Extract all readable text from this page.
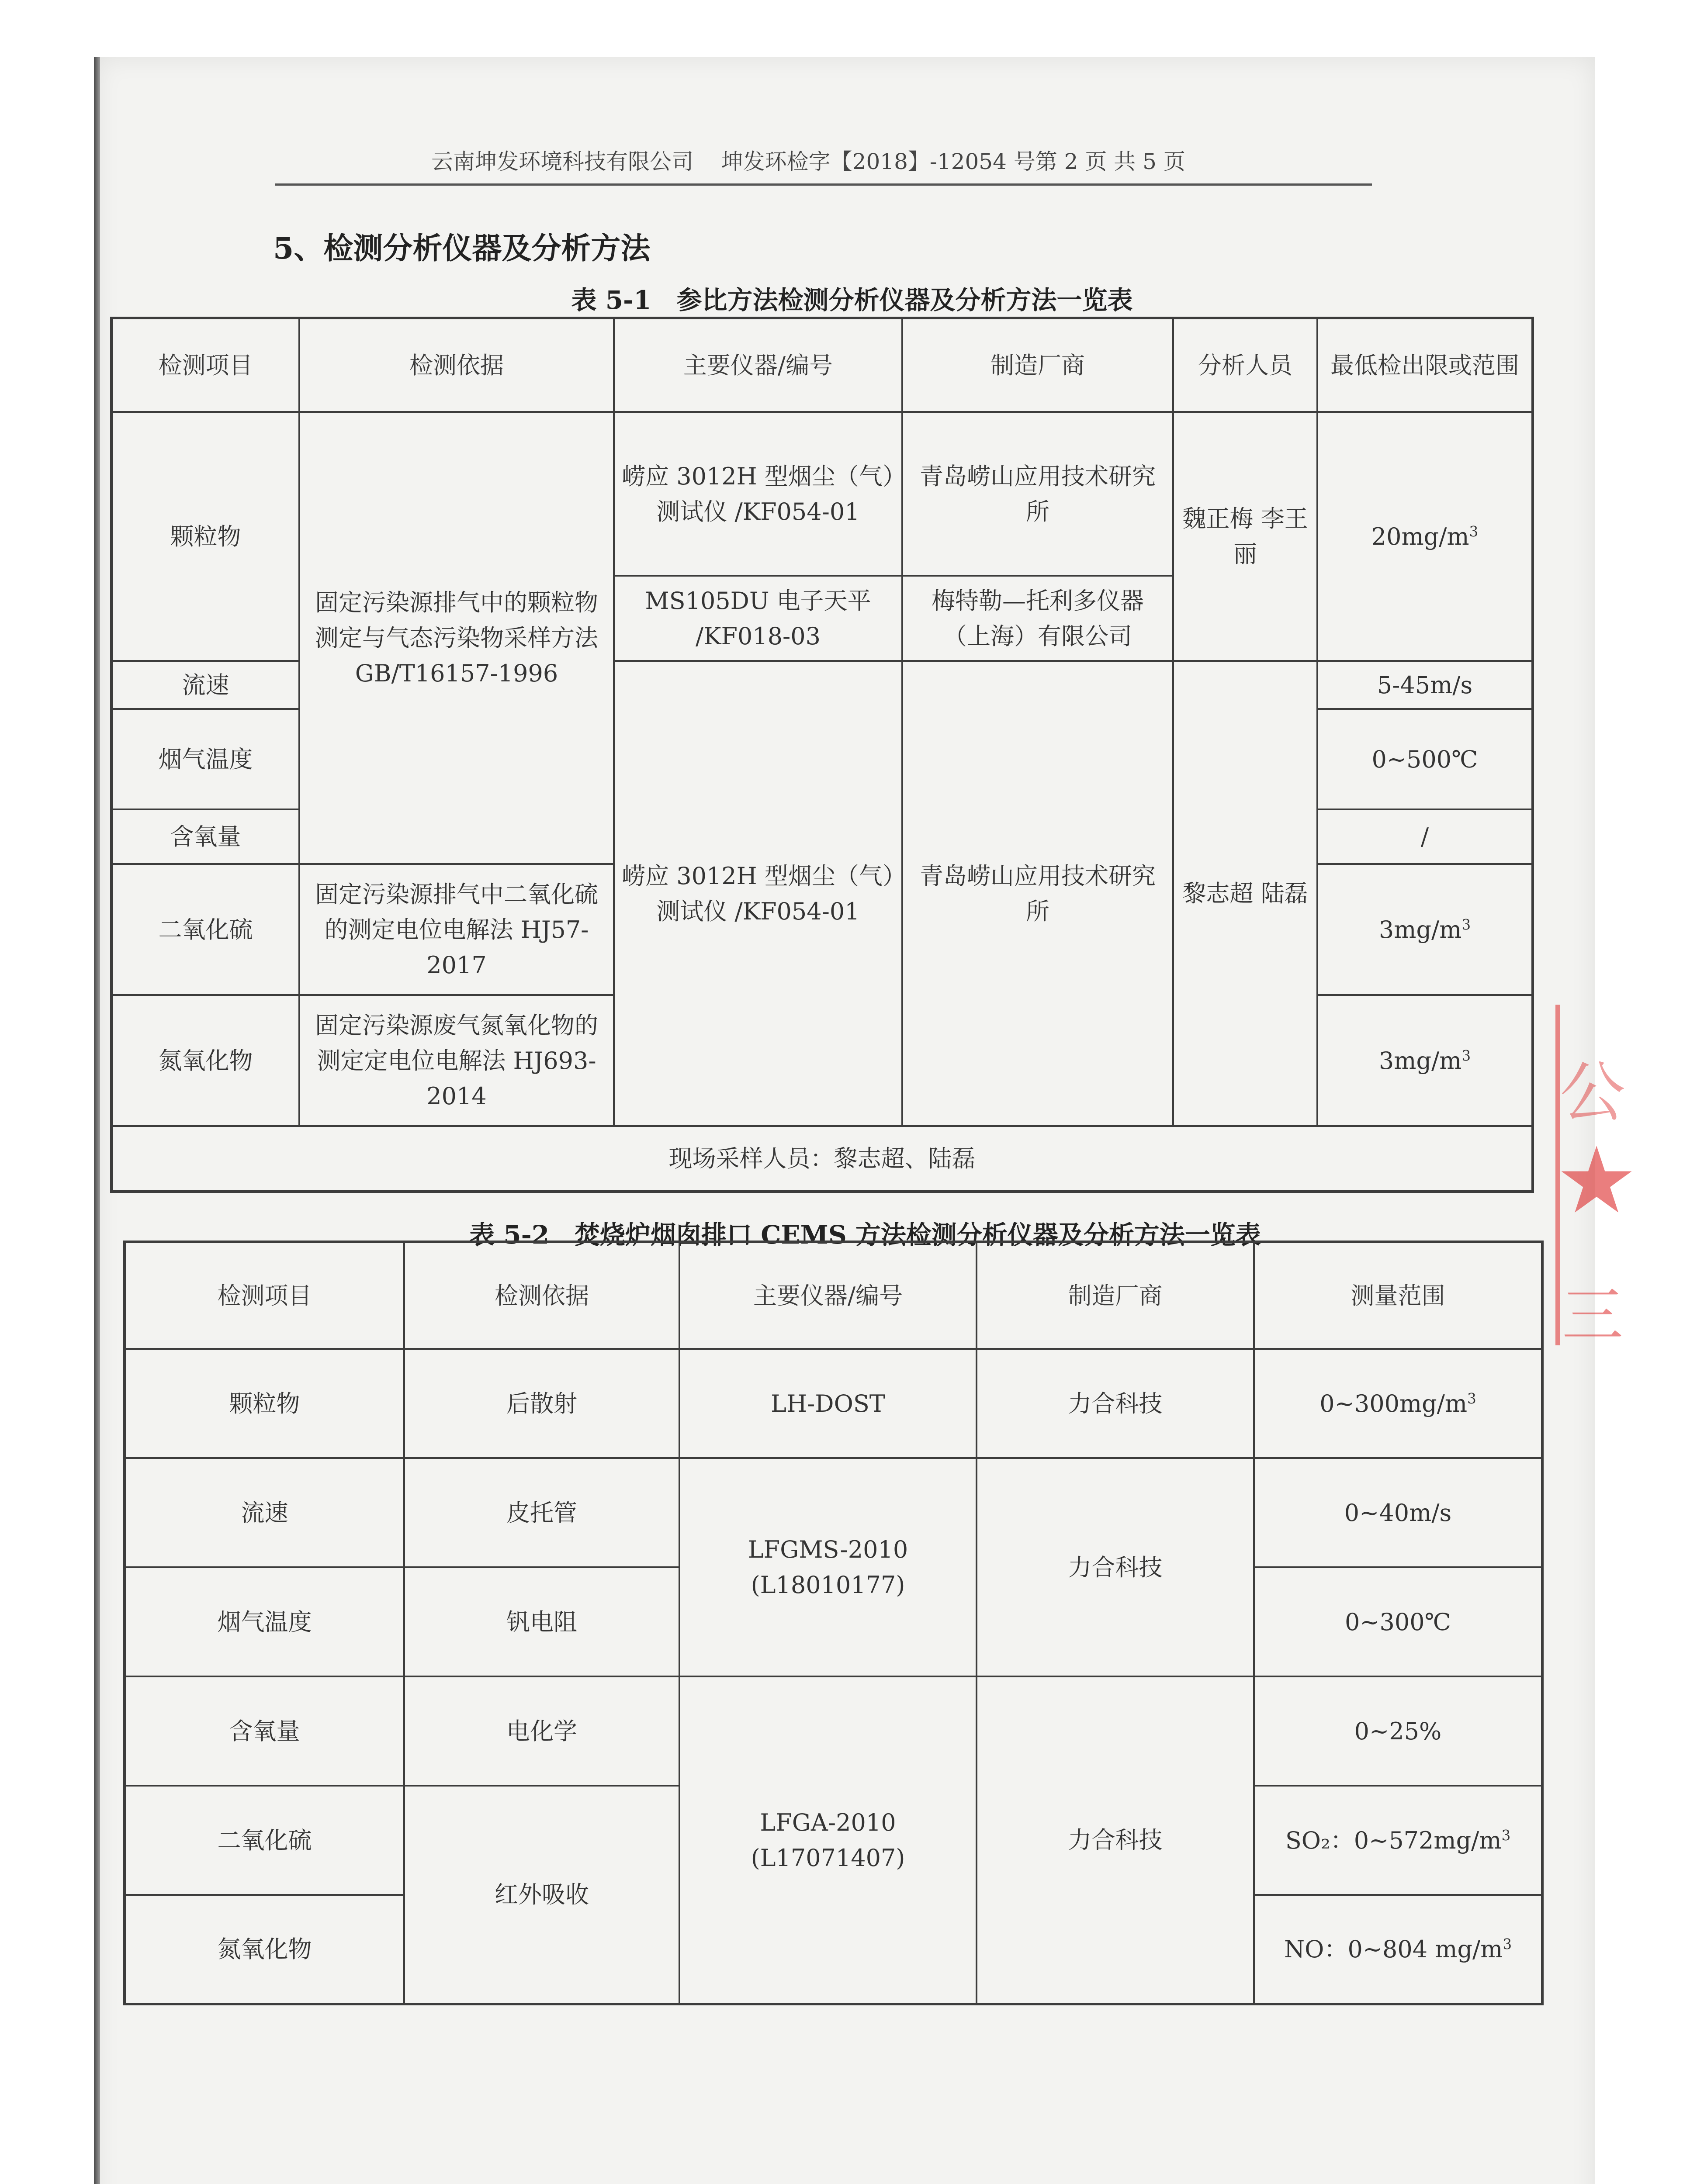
云南坤发环境科技有限公司 坤发环检字【2018】-12054 号第 2 页 共 5 页
5、检测分析仪器及分析方法
表 5-1　参比方法检测分析仪器及分析方法一览表
检测项目	检测依据	主要仪器/编号	制造厂商	分析人员	最低检出限或范围
颗粒物	固定污染源排气中的颗粒物测定与气态污染物采样方法 GB/T16157-1996	崂应 3012H 型烟尘（气）测试仪 /KF054-01	青岛崂山应用技术研究所	魏正梅 李王丽	$20mg/m^3$
		MS105DU 电子天平 /KF018-03	梅特勒—托利多仪器（上海）有限公司		
流速		崂应 3012H 型烟尘（气）测试仪 /KF054-01	青岛崂山应用技术研究所	黎志超 陆磊	5-45m/s
烟气温度					0~500℃
含氧量					/
二氧化硫	固定污染源排气中二氧化硫的测定电位电解法 HJ57-2017				$3mg/m^3$
氮氧化物	固定污染源废气氮氧化物的测定定电位电解法 HJ693-2014				$3mg/m^3$
现场采样人员：黎志超、陆磊					
表 5-2　焚烧炉烟囱排口 CEMS 方法检测分析仪器及分析方法一览表
检测项目	检测依据	主要仪器/编号	制造厂商	测量范围
颗粒物	后散射	LH-DOST	力合科技	$0\sim 300mg/m^3$
流速	皮托管	LFGMS-2010 (L18010177)	力合科技	0~40m/s
烟气温度	钒电阻			0~300℃
含氧量	电化学	LFGA-2010 (L17071407)	力合科技	0~25%
二氧化硫	红外吸收			SO₂：$0\sim 572mg/m^3$
氮氧化物				NO：0~804 $mg/m^3$
公
★
三
